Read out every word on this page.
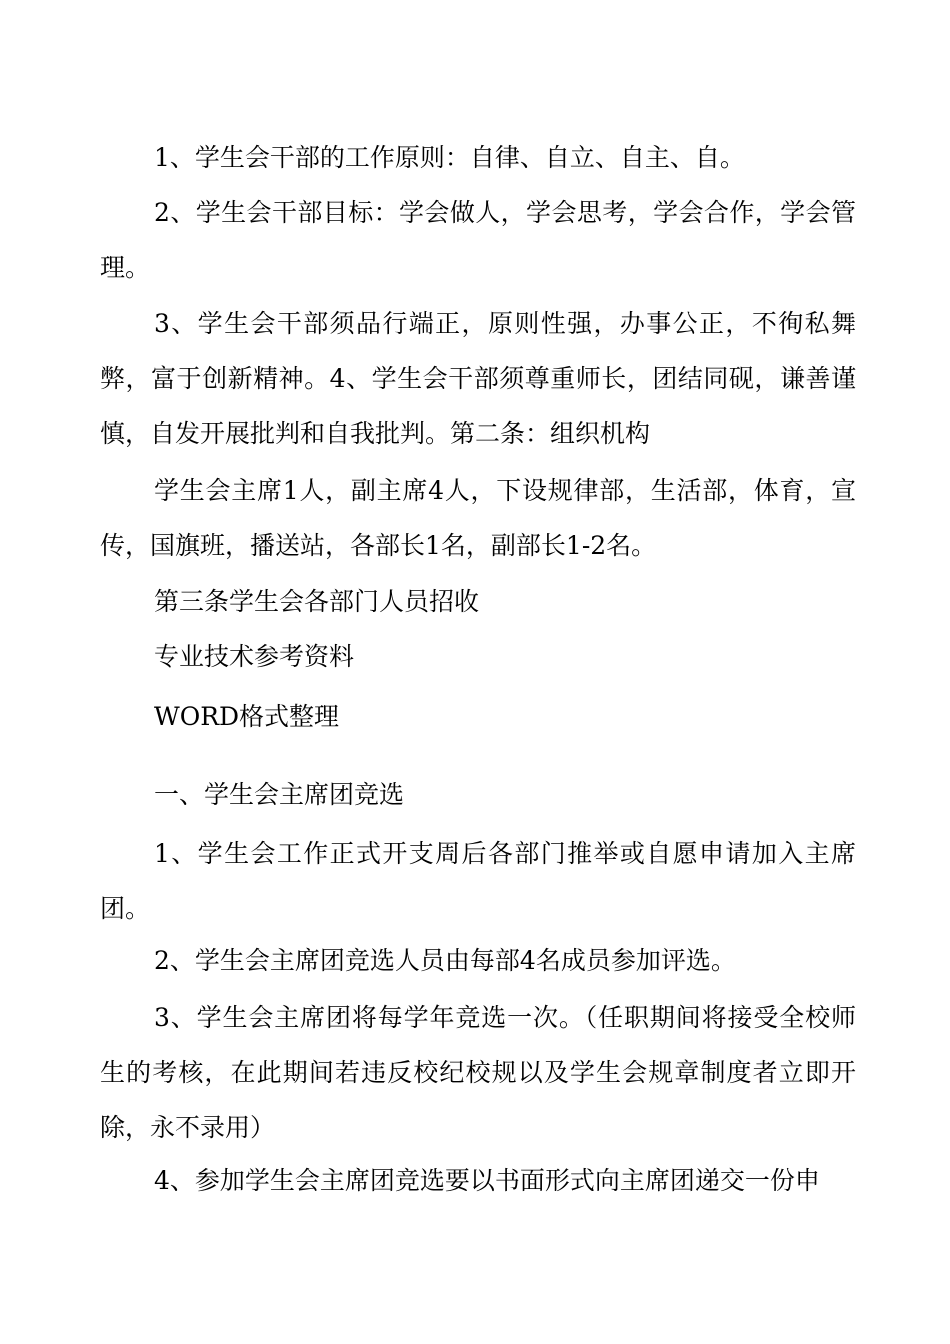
1、学生会干部的工作原则：自律、自立、自主、自。

2、学生会干部目标：学会做人，学会思考，学会合作，学会管理。

3、学生会干部须品行端正，原则性强，办事公正，不徇私舞弊，富于创新精神。4、学生会干部须尊重师长，团结同砚，谦善谨慎，自发开展批判和自我批判。第二条：组织机构

学生会主席1人，副主席4人，下设规律部，生活部，体育，宣传，国旗班，播送站，各部长1名，副部长1-2名。

第三条学生会各部门人员招收

专业技术参考资料

WORD格式整理

一、学生会主席团竞选

1、学生会工作正式开支周后各部门推举或自愿申请加入主席团。

2、学生会主席团竞选人员由每部4名成员参加评选。

3、学生会主席团将每学年竞选一次。（任职期间将接受全校师生的考核，在此期间若违反校纪校规以及学生会规章制度者立即开除，永不录用）

4、参加学生会主席团竞选要以书面形式向主席团递交一份申
